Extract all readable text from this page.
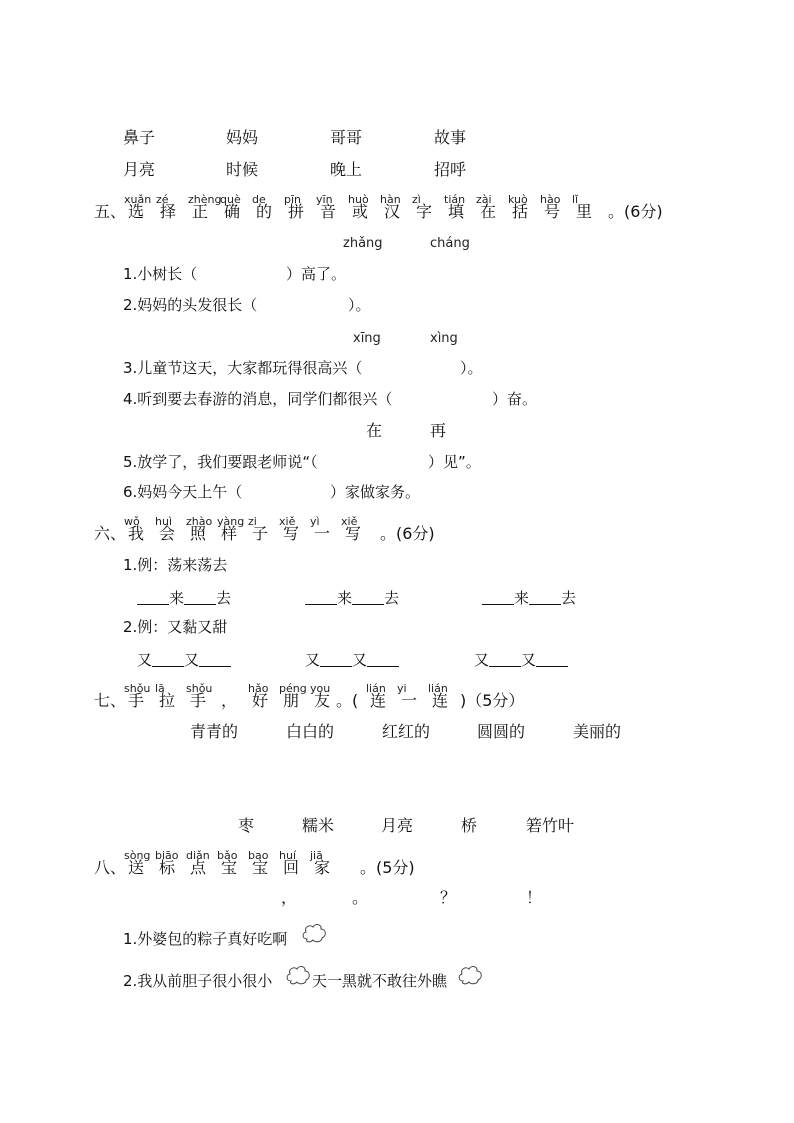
鼻子	妈妈	哥哥	故事
月亮	时候	晚上	招呼
五、
xuǎn
选
zé
择
zhèng
正
què
确
de
的
pīn
拼
yīn
音
huò
或
hàn
汉
zì
字
tián
填
zài
在
kuò
括
hào
号
lǐ
里 。(6分)
zhǎng	cháng
1.小树长（	）高了。
2.妈妈的头发很长（	）。
xīng	xìng
3.儿童节这天，大家都玩得很高兴（	）。
4.听到要去春游的消息，同学们都很兴（	）奋。
在	再
5.放学了，我们要跟老师说“（	）见”。
6.妈妈今天上午（	）家做家务。
六、
wǒ
我
huì
会
zhào
照
yàng
样
zi
子
xiě
写
yì
一
xiě
写 。(6分)
1.例：荡来荡去
来 去	来 去	来 去
2.例：又黏又甜
又 又	又 又	又 又
七、
shǒu
手
lā
拉
shǒu
手 ，
hǎo
好
péng
朋
you
友 。(
lián
连
yi
一
lián
连 )（5分）
青青的	白白的	红红的	圆圆的	美丽的
枣	糯米	月亮	桥	箬竹叶
八、
sòng
送
biāo
标
diǎn
点
bǎo
宝
bao
宝
huí
回
jiā
家 。(5分)
，	。	？	！
1.外婆包的粽子真好吃啊
2.我从前胆子很小很小	天一黑就不敢往外瞧
